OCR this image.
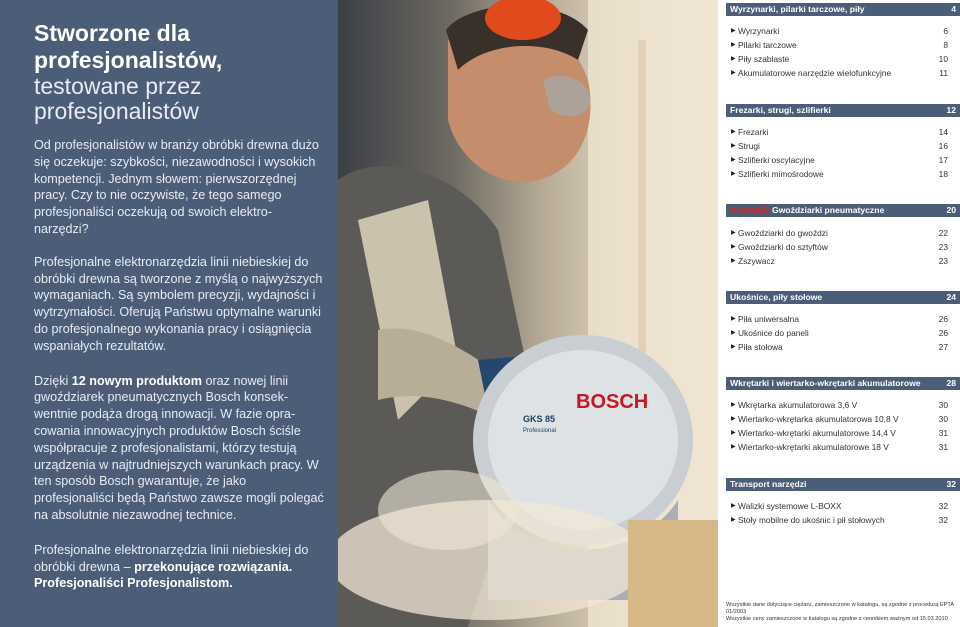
Stworzone dla profesjonalistów,
testowane przez profesjonalistów

Od profesjonalistów w branży obróbki drewna dużo się oczekuje: szybkości, niezawodności i wysokich kompetencji. Jednym słowem: pierwszorzędnej pracy. Czy to nie oczywiste, że tego samego profesjonaliści oczekują od swoich elektro-narzędzi?

Profesjonalne elektronarzędzia linii niebieskiej do obróbki drewna są tworzone z myślą o najwyższych wymaganiach. Są symbolem precyzji, wydajności i wytrzymałości. Oferują Państwu optymalne warunki do profesjonalnego wykonania pracy i osiągnięcia wspaniałych rezultatów.

Dzięki 12 nowym produktom oraz nowej linii gwoździarek pneumatycznych Bosch konsekwentnie podąża drogą innowacji. W fazie opracowania innowacyjnych produktów Bosch ściśle współpracuje z profesjonalistami, którzy testują urządzenia w najtrudniejszych warunkach pracy. W ten sposób Bosch gwarantuje, że jako profesjonaliści będą Państwo zawsze mogli polegać na absolutnie niezawodnej technice.

Profesjonalne elektronarzędzia linii niebieskiej do obróbki drewna – przekonujące rozwiązania.
Profesjonaliści Profesjonalistom.

BOSCH
GKS 85
Professional
Wyrzynarki, pilarki tarczowe, piły	4
▶ Wyrzynarki	6
▶ Pilarki tarczowe	8
▶ Piły szablaste	10
▶ Akumulatorowe narzędzie wielofunkcyjne	11
Frezarki, strugi, szlifierki	12
▶ Frezarki	14
▶ Strugi	16
▶ Szlifierki oscylacyjne	17
▶ Szlifierki mimośrodowe	18
NOWOŚĆ Gwoździarki pneumatyczne	20
▶ Gwoździarki do gwoździ	22
▶ Gwoździarki do sztyftów	23
▶ Zszywacz	23
Ukośnice, piły stołowe	24
▶ Piła uniwersalna	26
▶ Ukośnice do paneli	26
▶ Piła stołowa	27
Wkrętarki i wiertarko-wkrętarki akumulatorowe	28
▶ Wkrętarka akumulatorowa 3,6 V	30
▶ Wiertarko-wkrętarka akumulatorowa 10,8 V	30
▶ Wiertarko-wkrętarki akumulatorowe 14,4 V	31
▶ Wiertarko-wkrętarki akumulatorowe 18 V	31
Transport narzędzi	32
▶ Walizki systemowe L-BOXX	32
▶ Stoły mobilne do ukośnic i pił stołowych	32
Wszystkie dane dotyczące ciężaru, zamieszczone w katalogu, są zgodne z procedurą EPTA 01/2003
Wszystkie ceny zamieszczone w katalogu są zgodne z cennikiem ważnym od 15.03.2010
